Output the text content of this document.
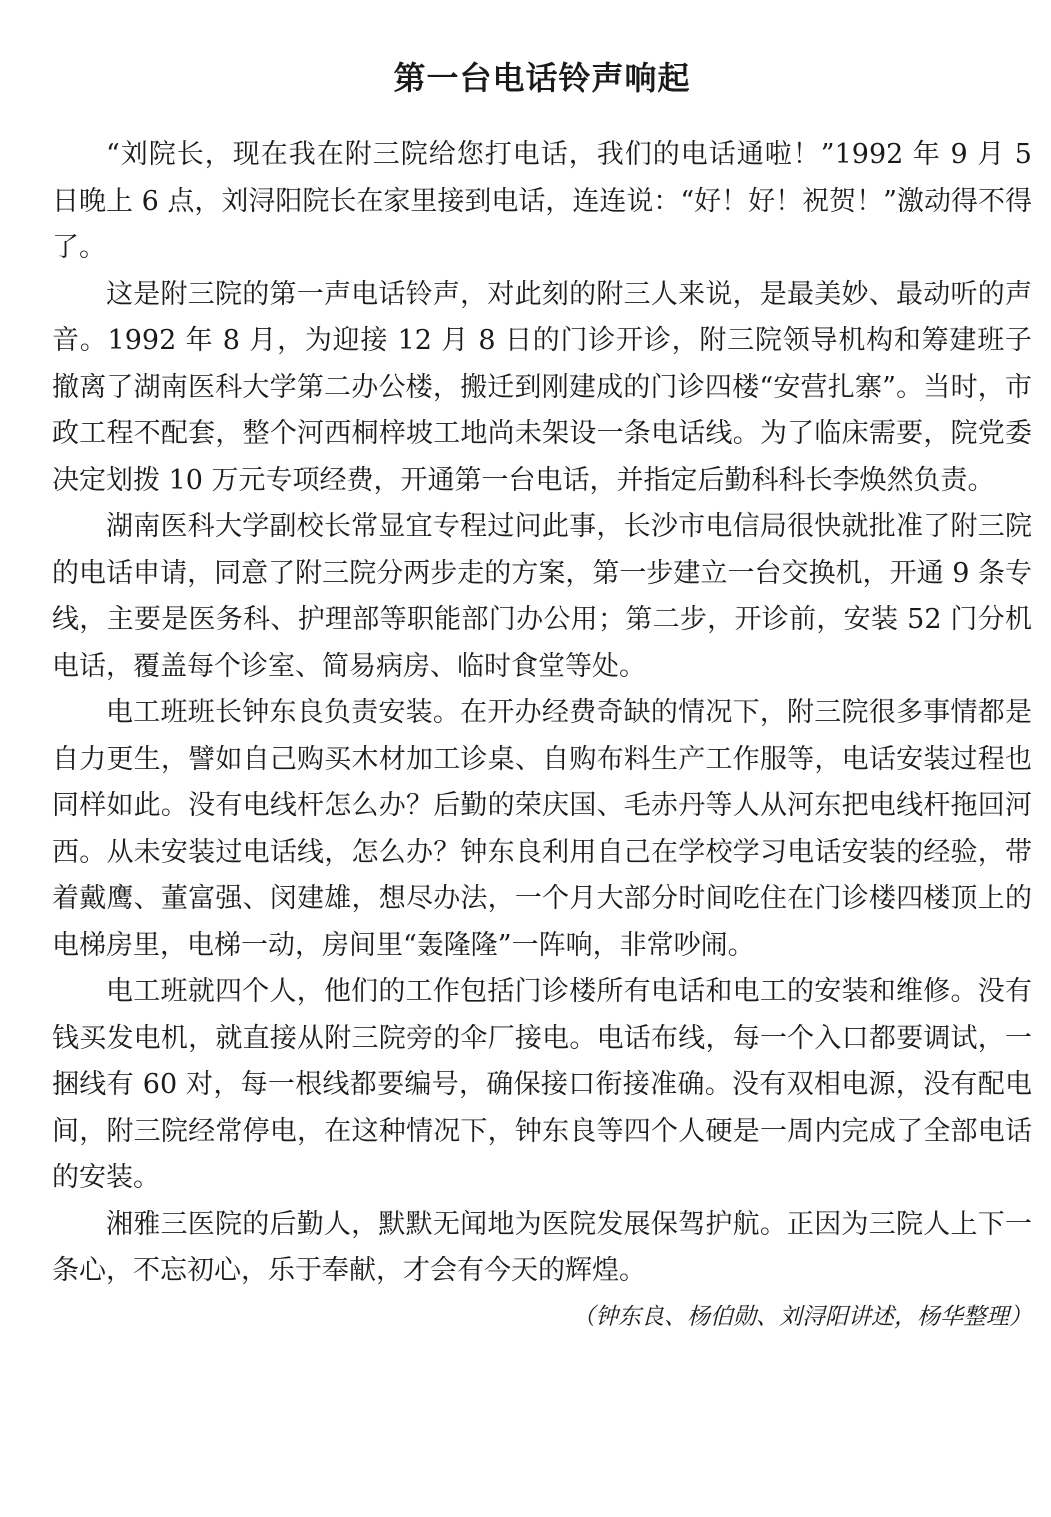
第一台电话铃声响起

“刘院长，现在我在附三院给您打电话，我们的电话通啦！”1992 年 9 月 5 日晚上 6 点，刘浔阳院长在家里接到电话，连连说：“好！好！祝贺！”激动得不得了。

这是附三院的第一声电话铃声，对此刻的附三人来说，是最美妙、最动听的声音。1992 年 8 月，为迎接 12 月 8 日的门诊开诊，附三院领导机构和筹建班子撤离了湖南医科大学第二办公楼，搬迁到刚建成的门诊四楼“安营扎寨”。当时，市政工程不配套，整个河西桐梓坡工地尚未架设一条电话线。为了临床需要，院党委决定划拨 10 万元专项经费，开通第一台电话，并指定后勤科科长李焕然负责。

湖南医科大学副校长常显宜专程过问此事，长沙市电信局很快就批准了附三院的电话申请，同意了附三院分两步走的方案，第一步建立一台交换机，开通 9 条专线，主要是医务科、护理部等职能部门办公用；第二步，开诊前，安装 52 门分机电话，覆盖每个诊室、简易病房、临时食堂等处。

电工班班长钟东良负责安装。在开办经费奇缺的情况下，附三院很多事情都是自力更生，譬如自己购买木材加工诊桌、自购布料生产工作服等，电话安装过程也同样如此。没有电线杆怎么办？后勤的荣庆国、毛赤丹等人从河东把电线杆拖回河西。从未安装过电话线，怎么办？钟东良利用自己在学校学习电话安装的经验，带着戴鹰、董富强、闵建雄，想尽办法，一个月大部分时间吃住在门诊楼四楼顶上的电梯房里，电梯一动，房间里“轰隆隆”一阵响，非常吵闹。

电工班就四个人，他们的工作包括门诊楼所有电话和电工的安装和维修。没有钱买发电机，就直接从附三院旁的伞厂接电。电话布线，每一个入口都要调试，一捆线有 60 对，每一根线都要编号，确保接口衔接准确。没有双相电源，没有配电间，附三院经常停电，在这种情况下，钟东良等四个人硬是一周内完成了全部电话的安装。

湘雅三医院的后勤人，默默无闻地为医院发展保驾护航。正因为三院人上下一条心，不忘初心，乐于奉献，才会有今天的辉煌。

（钟东良、杨伯勋、刘浔阳讲述，杨华整理）
